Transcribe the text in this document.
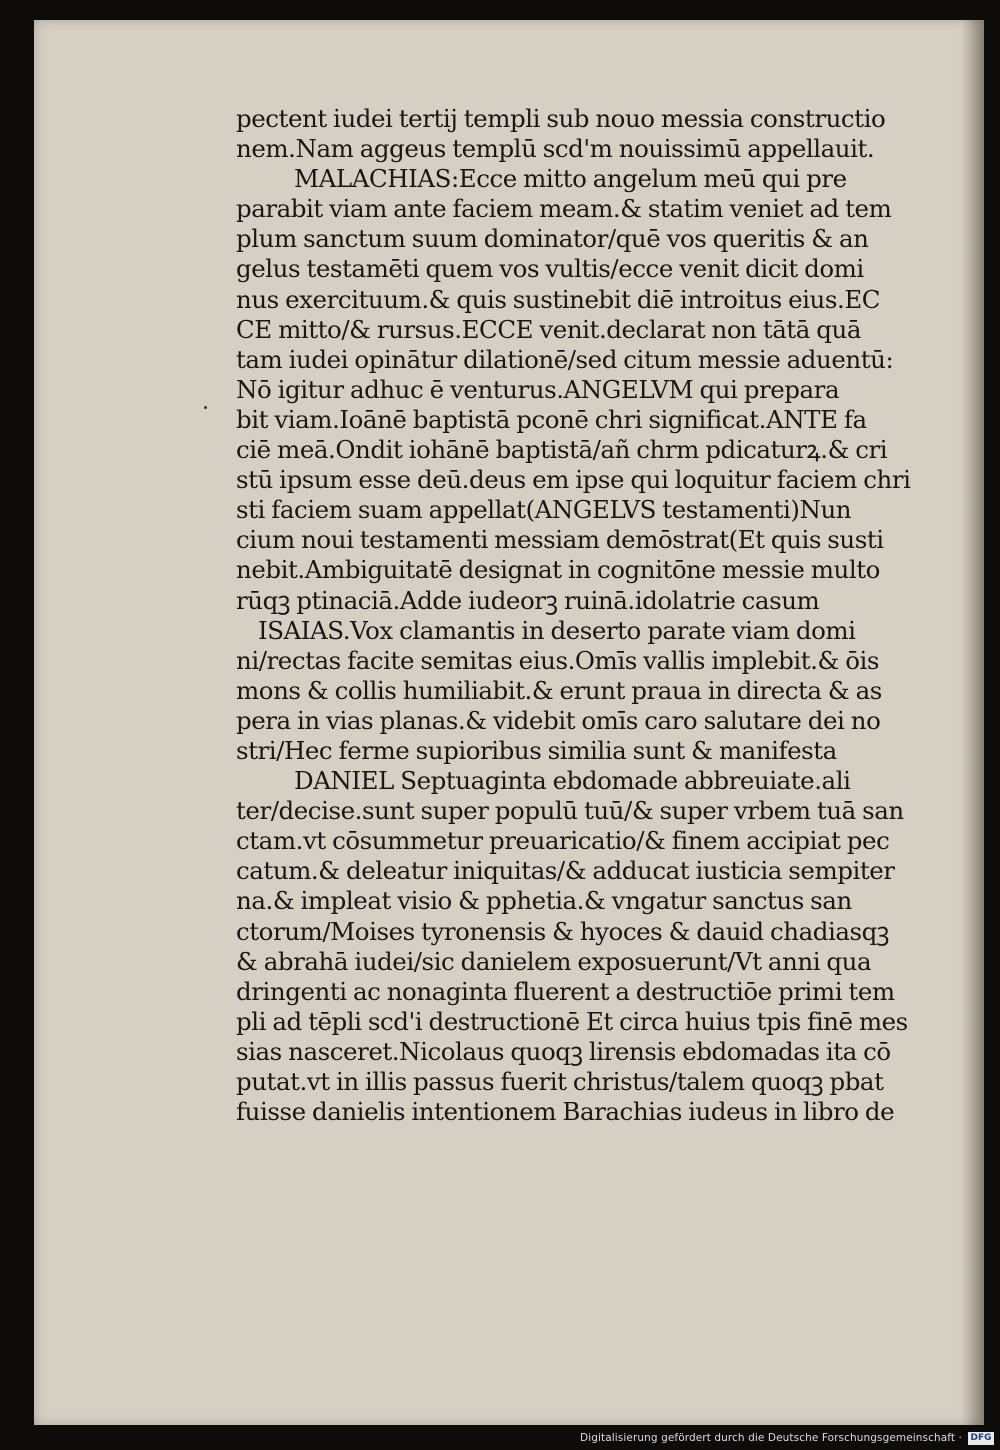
pectent iudei tertij templi sub nouo messia constructio
nem.Nam aggeus templū scd'm nouissimū appellauit.
MALACHIAS:Ecce mitto angelum meū qui pre
parabit viam ante faciem meam.& statim veniet ad tem
plum sanctum suum dominator/quē vos queritis & an
gelus testamēti quem vos vultis/ecce venit dicit domi
nus exercituum.& quis sustinebit diē introitus eius.EC
CE mitto/& rursus.ECCE venit.declarat non tātā quā
tam iudei opinātur dilationē/sed citum messie aduentū:
Nō igitur adhuc ē venturus.ANGELVM qui prepara
bit viam.Ioānē baptistā pconē chri significat.ANTE fa
ciē meā.Ondit iohānē baptistā/añ chrm pdicaturꝝ.& cri
stū ipsum esse deū.deus em ipse qui loquitur faciem chri
sti faciem suam appellat(ANGELVS testamenti)Nun
cium noui testamenti messiam demōstrat(Et quis susti
nebit.Ambiguitatē designat in cognitōne messie multo
rūqꝫ ptinaciā.Adde iudeorꝫ ruinā.idolatrie casum
ISAIAS.Vox clamantis in deserto parate viam domi
ni/rectas facite semitas eius.Omīs vallis implebit.& ōis
mons & collis humiliabit.& erunt praua in directa & as
pera in vias planas.& videbit omīs caro salutare dei no
stri/Hec ferme supioribus similia sunt & manifesta
DANIEL Septuaginta ebdomade abbreuiate.ali
ter/decise.sunt super populū tuū/& super vrbem tuā san
ctam.vt cōsummetur preuaricatio/& finem accipiat pec
catum.& deleatur iniquitas/& adducat iusticia sempiter
na.& impleat visio & pphetia.& vngatur sanctus san
ctorum/Moises tyronensis & hyoces & dauid chadiasqꝫ
& abrahā iudei/sic danielem exposuerunt/Vt anni qua
dringenti ac nonaginta fluerent a destructiōe primi tem
pli ad tēpli scd'i destructionē Et circa huius tpis finē mes
sias nasceret.Nicolaus quoqꝫ lirensis ebdomadas ita cō
putat.vt in illis passus fuerit christus/talem quoqꝫ pbat
fuisse danielis intentionem Barachias iudeus in libro de
Digitalisierung gefördert durch die Deutsche Forschungsgemeinschaft · DFG
